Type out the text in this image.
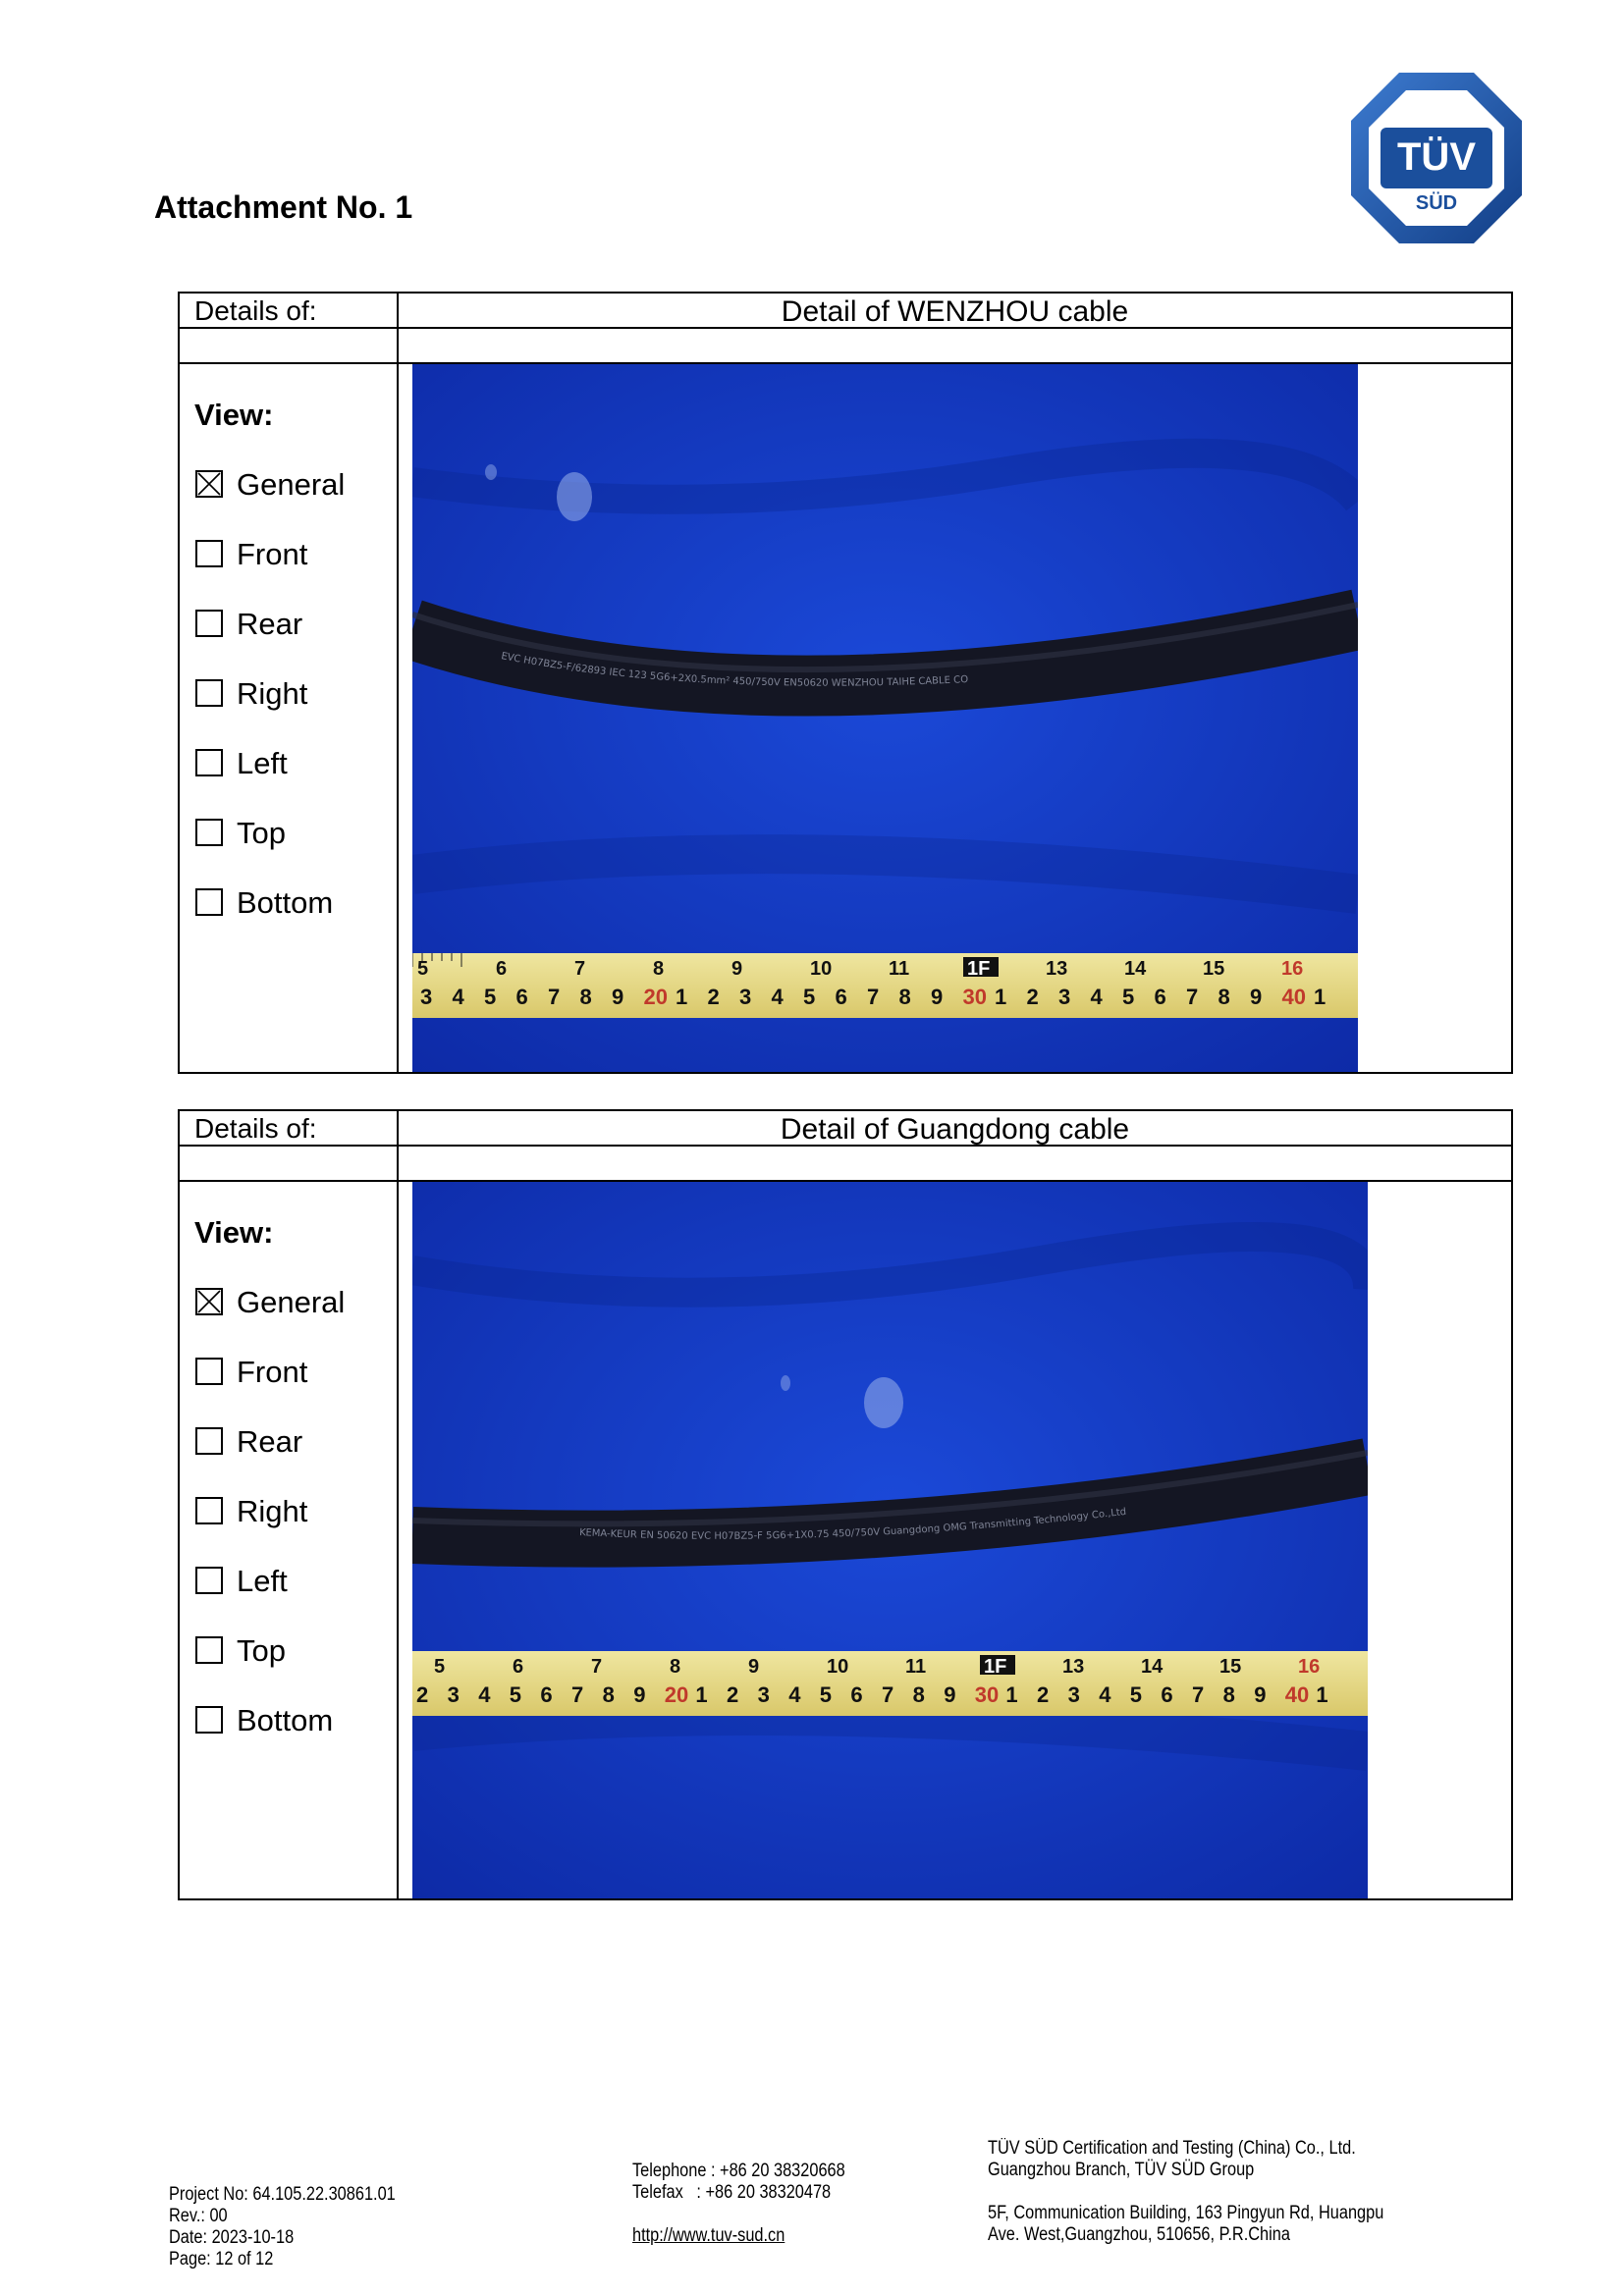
TÜV
SÜD
Attachment No. 1
Details of:	Detail of WENZHOU cable
View:
General
Front
Rear
Right
Left
Top
Bottom
EVC H07BZ5-F/62893 IEC 123 5G6+2X0.5mm² 450/750V EN50620 WENZHOU TAIHE CABLE CO
5	6	7	8	9	10	11	1F	13	14	15	16
3 4 5 6 7 8 9 20 1 2 3 4 5 6 7 8 9 30 1 2 3 4 5 6 7 8 9 40 1
Details of:	Detail of Guangdong cable
View:
General
Front
Rear
Right
Left
Top
Bottom
KEMA-KEUR EN 50620 EVC H07BZ5-F 5G6+1X0.75 450/750V Guangdong OMG Transmitting Technology Co.,Ltd
5	6	7	8	9	10	11	1F	13	14	15	16
2 3 4 5 6 7 8 9 20 1 2 3 4 5 6 7 8 9 30 1 2 3 4 5 6 7 8 9 40 1
Project No: 64.105.22.30861.01
Rev.: 00
Date: 2023-10-18
Page: 12 of 12
Telephone : +86 20 38320668
Telefax   : +86 20 38320478
http://www.tuv-sud.cn
TÜV SÜD Certification and Testing (China) Co., Ltd.
Guangzhou Branch, TÜV SÜD Group
5F, Communication Building, 163 Pingyun Rd, Huangpu
Ave. West,Guangzhou, 510656, P.R.China
